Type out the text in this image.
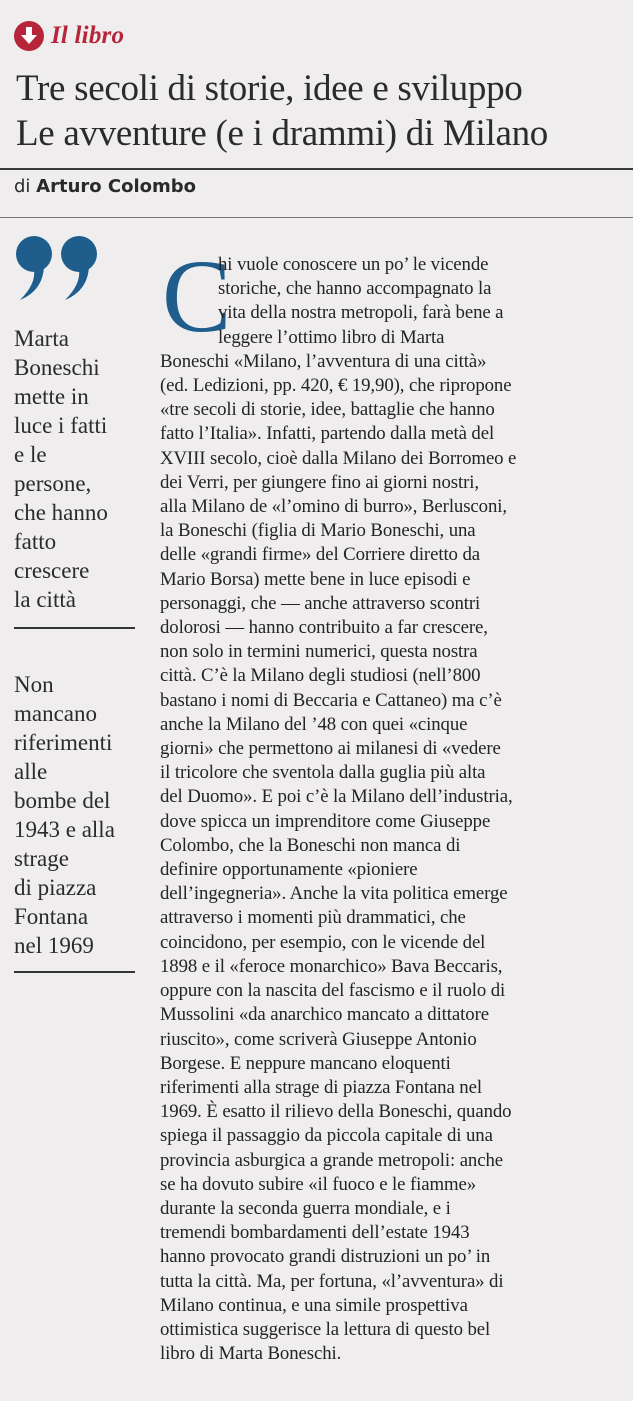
Il libro
Tre secoli di storie, idee e sviluppo
Le avventure (e i drammi) di Milano
di Arturo Colombo
Marta
Boneschi
mette in
luce i fatti
e le
persone,
che hanno
fatto
crescere
la città
Non
mancano
riferimenti
alle
bombe del
1943 e alla
strage
di piazza
Fontana
nel 1969
C
hi vuole conoscere un po’ le vicende
storiche, che hanno accompagnato la
vita della nostra metropoli, farà bene a
leggere l’ottimo libro di Marta
Boneschi «Milano, l’avventura di una città»
(ed. Ledizioni, pp. 420, € 19,90), che ripropone
«tre secoli di storie, idee, battaglie che hanno
fatto l’Italia». Infatti, partendo dalla metà del
XVIII secolo, cioè dalla Milano dei Borromeo e
dei Verri, per giungere fino ai giorni nostri,
alla Milano de «l’omino di burro», Berlusconi,
la Boneschi (figlia di Mario Boneschi, una
delle «grandi firme» del Corriere diretto da
Mario Borsa) mette bene in luce episodi e
personaggi, che — anche attraverso scontri
dolorosi — hanno contribuito a far crescere,
non solo in termini numerici, questa nostra
città. C’è la Milano degli studiosi (nell’800
bastano i nomi di Beccaria e Cattaneo) ma c’è
anche la Milano del ’48 con quei «cinque
giorni» che permettono ai milanesi di «vedere
il tricolore che sventola dalla guglia più alta
del Duomo». E poi c’è la Milano dell’industria,
dove spicca un imprenditore come Giuseppe
Colombo, che la Boneschi non manca di
definire opportunamente «pioniere
dell’ingegneria». Anche la vita politica emerge
attraverso i momenti più drammatici, che
coincidono, per esempio, con le vicende del
1898 e il «feroce monarchico» Bava Beccaris,
oppure con la nascita del fascismo e il ruolo di
Mussolini «da anarchico mancato a dittatore
riuscito», come scriverà Giuseppe Antonio
Borgese. E neppure mancano eloquenti
riferimenti alla strage di piazza Fontana nel
1969. È esatto il rilievo della Boneschi, quando
spiega il passaggio da piccola capitale di una
provincia asburgica a grande metropoli: anche
se ha dovuto subire «il fuoco e le fiamme»
durante la seconda guerra mondiale, e i
tremendi bombardamenti dell’estate 1943
hanno provocato grandi distruzioni un po’ in
tutta la città. Ma, per fortuna, «l’avventura» di
Milano continua, e una simile prospettiva
ottimistica suggerisce la lettura di questo bel
libro di Marta Boneschi.
